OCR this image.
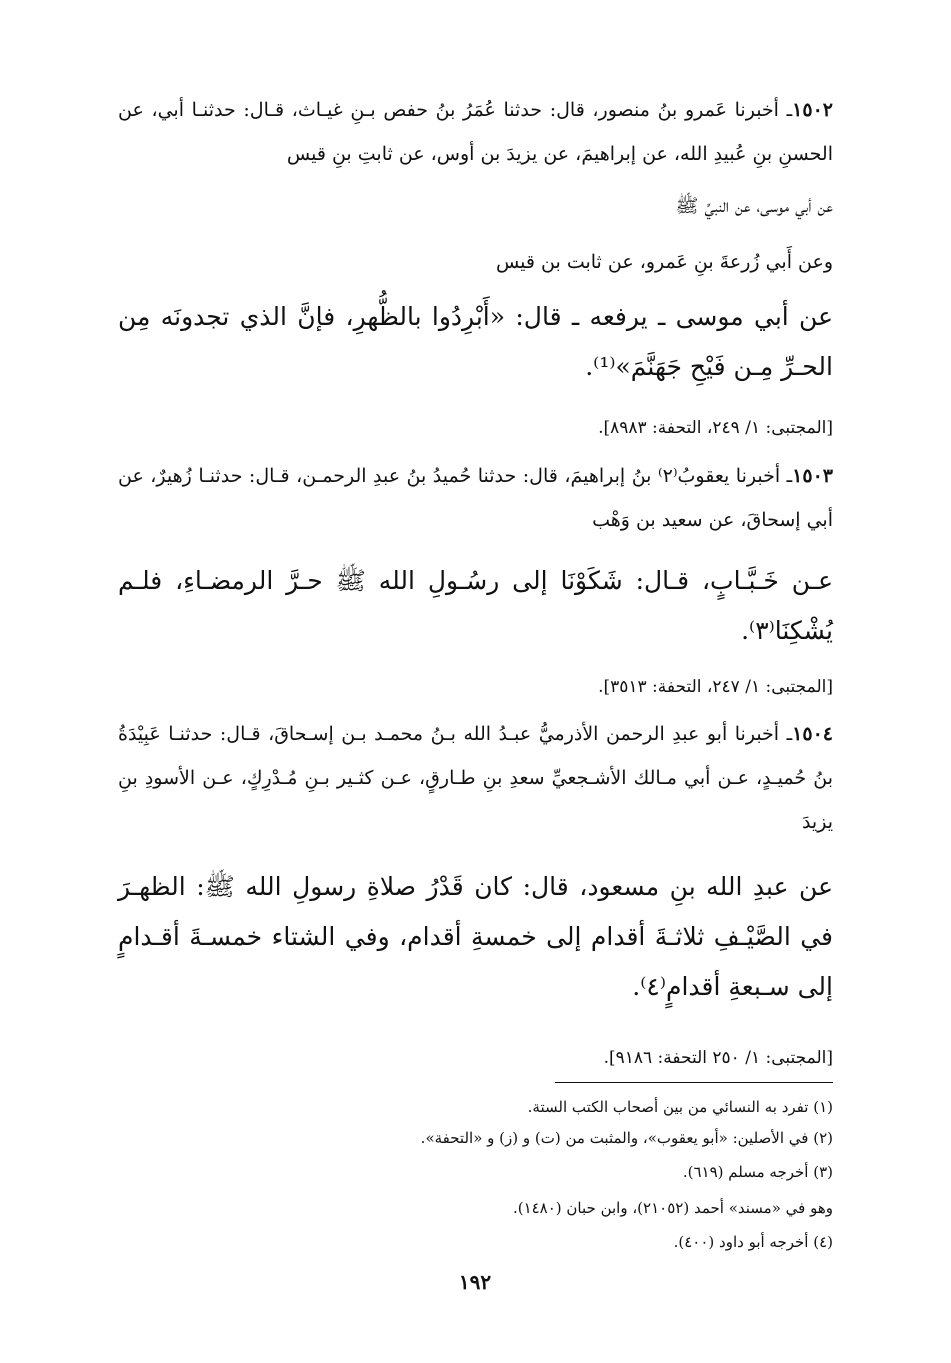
١٥٠٢ـ أخبرنا عَمرو بنُ منصور، قال: حدثنا عُمَرُ بنُ حفص بـنِ غيـاث، قـال: حدثنـا أبي، عن الحسنِ بنِ عُبيدِ الله، عن إبراهيمَ، عن يزيدَ بن أوس، عن ثابتِ بنِ قيس
عن أبي موسى، عن النبيِّ ﷺ
وعن أَبي زُرعةَ بنِ عَمرو، عن ثابت بن قيس
عن أبي موسى ـ يرفعه ـ قال: «أَبْرِدُوا بالظُّهرِ، فإنَّ الذي تجدونَه مِن الحـرِّ مِـن فَيْحِ جَهَنَّمَ»⁽¹⁾.
[المجتبى: ١/ ٢٤٩، التحفة: ٨٩٨٣].
١٥٠٣ـ أخبرنا يعقوبُ⁽٢⁾ بنُ إبراهيمَ، قال: حدثنا حُميدُ بنُ عبدِ الرحمـن، قـال: حدثنـا زُهيرٌ، عن أبي إسحاقَ، عن سعيد بن وَهْب
عـن خَـبَّـابٍ، قـال: شَكَوْنَا إلى رسُـولِ الله ﷺ حـرَّ الرمضـاءِ، فلـم يُشْكِنَا⁽٣⁾.
[المجتبى: ١/ ٢٤٧، التحفة: ٣٥١٣].
١٥٠٤ـ أخبرنا أبو عبدِ الرحمن الأذرميُّ عبـدُ الله بـنُ محمـد بـن إسـحاقَ، قـال: حدثنـا عَبِيْدَةُ بنُ حُميـدٍ، عـن أبي مـالك الأشـجعيِّ سعدِ بنِ طـارقٍ، عـن كثـير بـنِ مُـدْرِكٍ، عـن الأسودِ بنِ يزيدَ
عن عبدِ الله بنِ مسعود، قال: كان قَدْرُ صلاةِ رسولِ الله ﷺ: الظهـرَ في الصَّيْـفِ ثلاثـةَ أقدام إلى خمسةِ أقدام، وفي الشتاء خمسـةَ أقـدامٍ إلى سـبعةِ أقدامٍ⁽٤⁾.
[المجتبى: ١/ ٢٥٠ التحفة: ٩١٨٦].
(١) تفرد به النسائي من بين أصحاب الكتب الستة.
(٢) في الأصلين: «أبو يعقوب»، والمثبت من (ت) و (ز) و «التحفة».
(٣) أخرجه مسلم (٦١٩).
وهو في «مسند» أحمد (٢١٠٥٢)، وابن حبان (١٤٨٠).
(٤) أخرجه أبو داود (٤٠٠).
١٩٢
